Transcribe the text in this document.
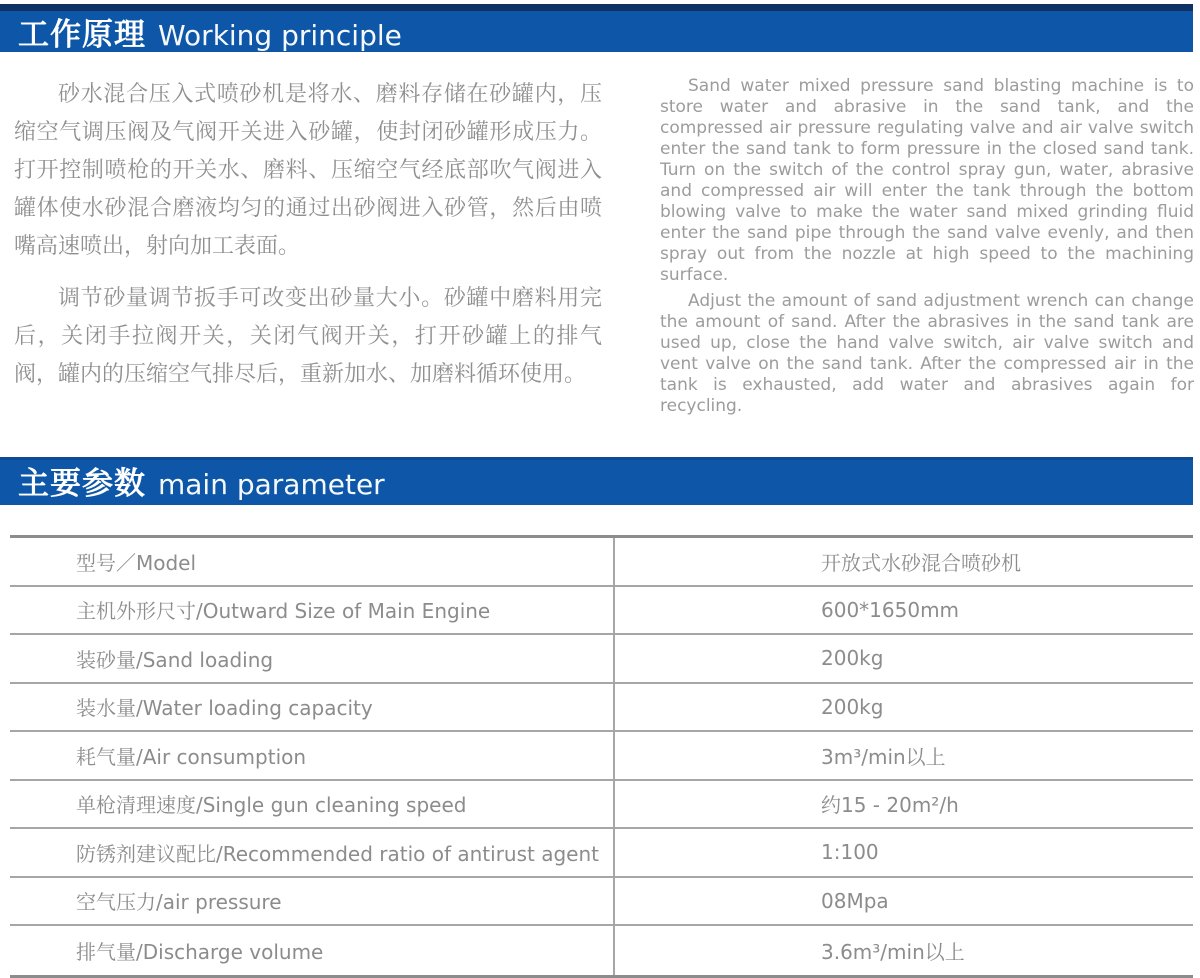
工作原理 Working principle

砂水混合压入式喷砂机是将水、磨料存储在砂罐内，压缩空气调压阀及气阀开关进入砂罐，使封闭砂罐形成压力。打开控制喷枪的开关水、磨料、压缩空气经底部吹气阀进入罐体使水砂混合磨液均匀的通过出砂阀进入砂管，然后由喷嘴高速喷出，射向加工表面。

调节砂量调节扳手可改变出砂量大小。砂罐中磨料用完后，关闭手拉阀开关，关闭气阀开关，打开砂罐上的排气阀，罐内的压缩空气排尽后，重新加水、加磨料循环使用。

Sand water mixed pressure sand blasting machine is to store water and abrasive in the sand tank, and the compressed air pressure regulating valve and air valve switch enter the sand tank to form pressure in the closed sand tank. Turn on the switch of the control spray gun, water, abrasive and compressed air will enter the tank through the bottom blowing valve to make the water sand mixed grinding fluid enter the sand pipe through the sand valve evenly, and then spray out from the nozzle at high speed to the machining surface.

Adjust the amount of sand adjustment wrench can change the amount of sand. After the abrasives in the sand tank are used up, close the hand valve switch, air valve switch and vent valve on the sand tank. After the compressed air in the tank is exhausted, add water and abrasives again for recycling.

主要参数 main parameter
型号／Model	开放式水砂混合喷砂机
主机外形尺寸/Outward Size of Main Engine	600*1650mm
装砂量/Sand loading	200kg
装水量/Water loading capacity	200kg
耗气量/Air consumption	3m³/min以上
单枪清理速度/Single gun cleaning speed	约15 - 20m²/h
防锈剂建议配比/Recommended ratio of antirust agent	1:100
空气压力/air pressure	08Mpa
排气量/Discharge volume	3.6m³/min以上
